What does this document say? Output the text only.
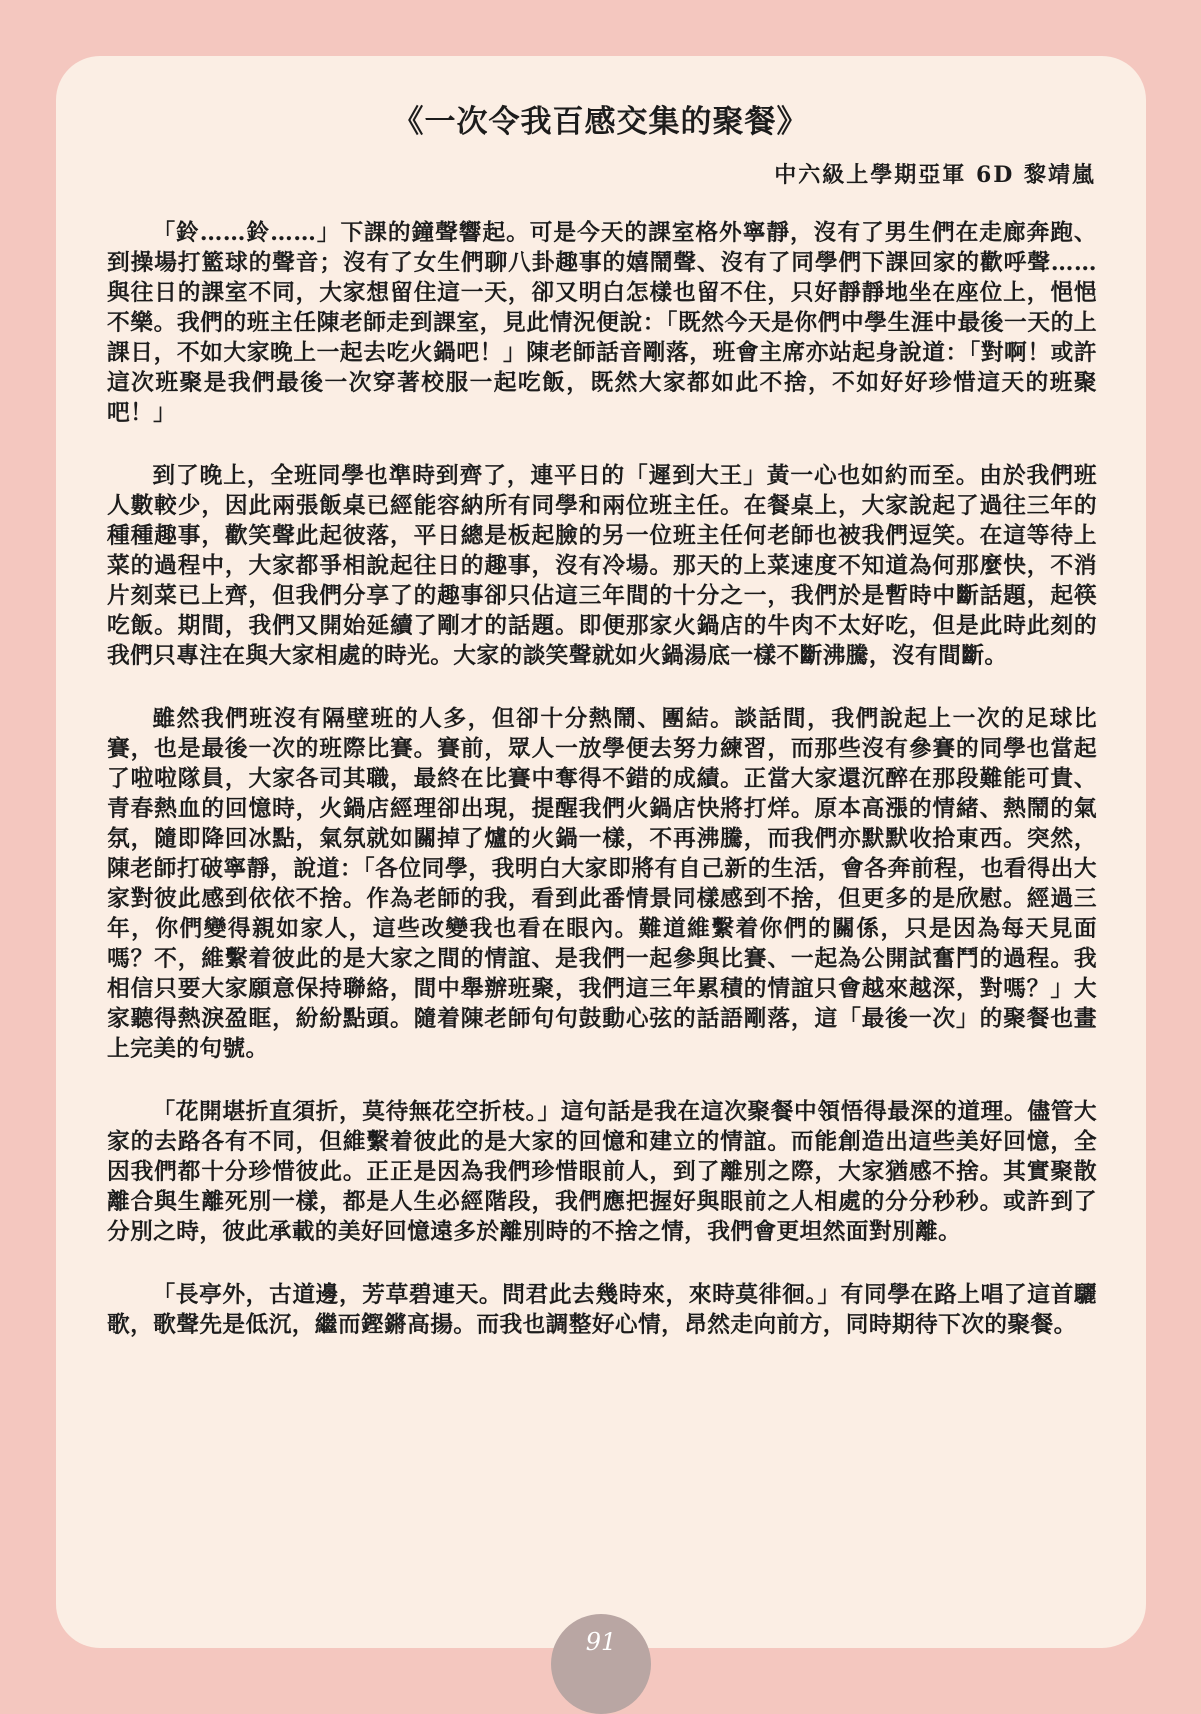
《一次令我百感交集的聚餐》
中六級上學期亞軍 6D 黎靖嵐

「鈴……鈴……」下課的鐘聲響起。可是今天的課室格外寧靜，沒有了男生們在走廊奔跑、到操場打籃球的聲音；沒有了女生們聊八卦趣事的嬉鬧聲、沒有了同學們下課回家的歡呼聲……與往日的課室不同，大家想留住這一天，卻又明白怎樣也留不住，只好靜靜地坐在座位上，悒悒不樂。我們的班主任陳老師走到課室，見此情況便說：「既然今天是你們中學生涯中最後一天的上課日，不如大家晚上一起去吃火鍋吧！」陳老師話音剛落，班會主席亦站起身說道：「對啊！或許這次班聚是我們最後一次穿著校服一起吃飯，既然大家都如此不捨，不如好好珍惜這天的班聚吧！」

到了晚上，全班同學也準時到齊了，連平日的「遲到大王」黃一心也如約而至。由於我們班人數較少，因此兩張飯桌已經能容納所有同學和兩位班主任。在餐桌上，大家說起了過往三年的種種趣事，歡笑聲此起彼落，平日總是板起臉的另一位班主任何老師也被我們逗笑。在這等待上菜的過程中，大家都爭相說起往日的趣事，沒有冷場。那天的上菜速度不知道為何那麼快，不消片刻菜已上齊，但我們分享了的趣事卻只佔這三年間的十分之一，我們於是暫時中斷話題，起筷吃飯。期間，我們又開始延續了剛才的話題。即便那家火鍋店的牛肉不太好吃，但是此時此刻的我們只專注在與大家相處的時光。大家的談笑聲就如火鍋湯底一樣不斷沸騰，沒有間斷。

雖然我們班沒有隔壁班的人多，但卻十分熱鬧、團結。談話間，我們說起上一次的足球比賽，也是最後一次的班際比賽。賽前，眾人一放學便去努力練習，而那些沒有參賽的同學也當起了啦啦隊員，大家各司其職，最終在比賽中奪得不錯的成績。正當大家還沉醉在那段難能可貴、青春熱血的回憶時，火鍋店經理卻出現，提醒我們火鍋店快將打烊。原本高漲的情緒、熱鬧的氣氛，隨即降回冰點，氣氛就如關掉了爐的火鍋一樣，不再沸騰，而我們亦默默收拾東西。突然，陳老師打破寧靜，說道：「各位同學，我明白大家即將有自己新的生活，會各奔前程，也看得出大家對彼此感到依依不捨。作為老師的我，看到此番情景同樣感到不捨，但更多的是欣慰。經過三年，你們變得親如家人，這些改變我也看在眼內。難道維繫着你們的關係，只是因為每天見面嗎？不，維繫着彼此的是大家之間的情誼、是我們一起參與比賽、一起為公開試奮鬥的過程。我相信只要大家願意保持聯絡，間中舉辦班聚，我們這三年累積的情誼只會越來越深，對嗎？」大家聽得熱淚盈眶，紛紛點頭。隨着陳老師句句鼓動心弦的話語剛落，這「最後一次」的聚餐也畫上完美的句號。

「花開堪折直須折，莫待無花空折枝。」這句話是我在這次聚餐中領悟得最深的道理。儘管大家的去路各有不同，但維繫着彼此的是大家的回憶和建立的情誼。而能創造出這些美好回憶，全因我們都十分珍惜彼此。正正是因為我們珍惜眼前人，到了離別之際，大家猶感不捨。其實聚散離合與生離死別一樣，都是人生必經階段，我們應把握好與眼前之人相處的分分秒秒。或許到了分別之時，彼此承載的美好回憶遠多於離別時的不捨之情，我們會更坦然面對別離。

「長亭外，古道邊，芳草碧連天。問君此去幾時來，來時莫徘徊。」有同學在路上唱了這首驪歌，歌聲先是低沉，繼而鏗鏘高揚。而我也調整好心情，昂然走向前方，同時期待下次的聚餐。

91
